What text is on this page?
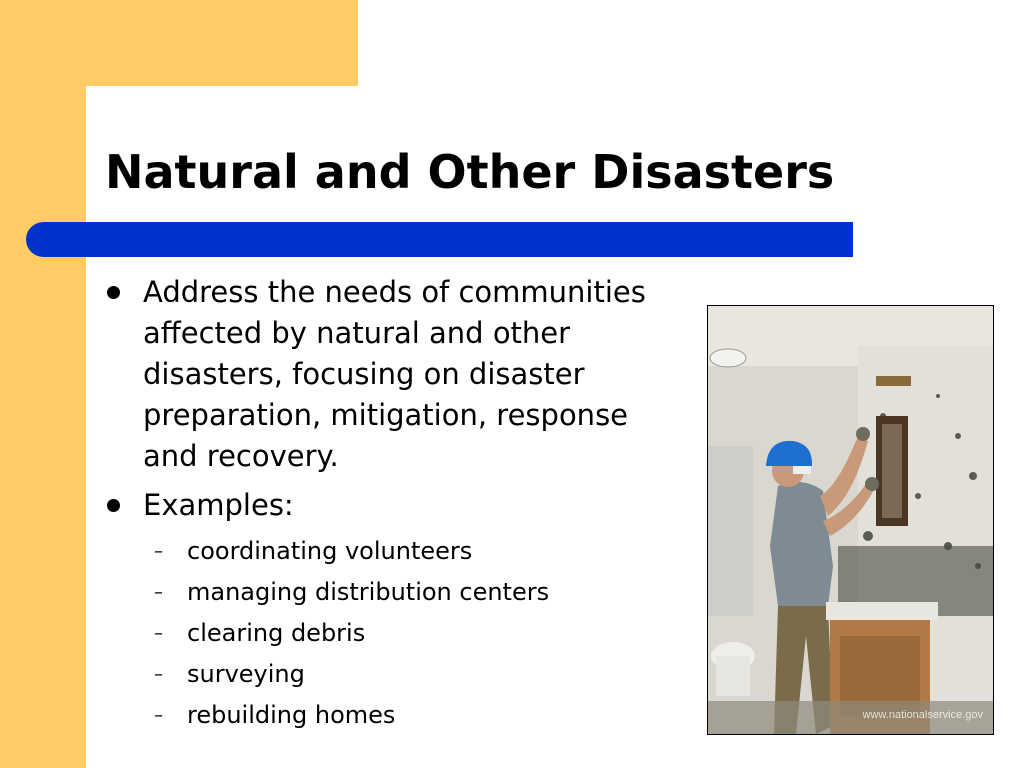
Natural and Other Disasters
Address the needs of communities affected by natural and other disasters, focusing on disaster preparation, mitigation, response and recovery.
Examples:
– coordinating volunteers
– managing distribution centers
– clearing debris
– surveying
– rebuilding homes	www.nationalservice.gov
